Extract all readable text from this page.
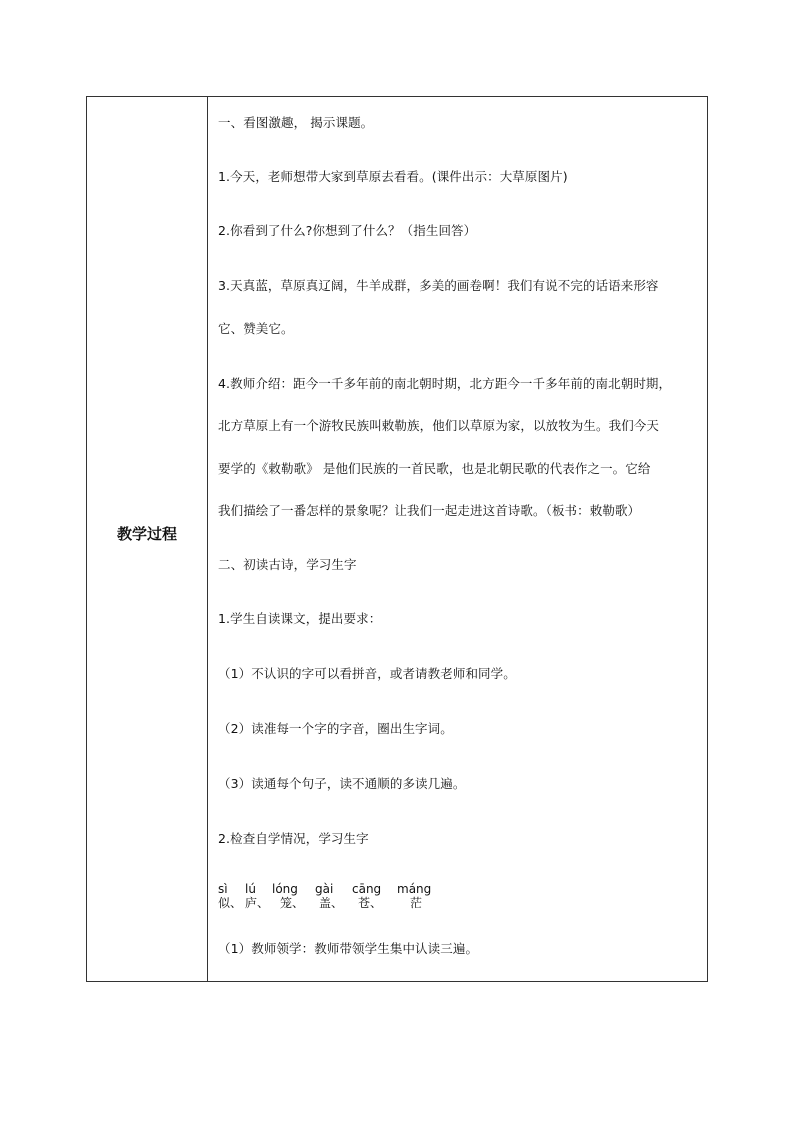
教学过程
一、看图激趣， 揭示课题。
1.今天，老师想带大家到草原去看看。(课件出示：大草原图片)
2.你看到了什么?你想到了什么？（指生回答）
3.天真蓝，草原真辽阔，牛羊成群，多美的画卷啊！我们有说不完的话语来形容
它、赞美它。
4.教师介绍：距今一千多年前的南北朝时期，北方距今一千多年前的南北朝时期，
北方草原上有一个游牧民族叫敕勒族，他们以草原为家，以放牧为生。我们今天
要学的《敕勒歌》 是他们民族的一首民歌，也是北朝民歌的代表作之一。它给
我们描绘了一番怎样的景象呢？让我们一起走进这首诗歌。（板书：敕勒歌）
二、初读古诗，学习生字
1.学生自读课文，提出要求：
（1）不认识的字可以看拼音，或者请教老师和同学。
（2）读准每一个字的字音，圈出生字词。
（3）读通每个句子，读不通顺的多读几遍。
2.检查自学情况，学习生字
sì lú lóng gài cāng máng
似、 庐、 笼、 盖、 苍、 茫
（1）教师领学：教师带领学生集中认读三遍。
